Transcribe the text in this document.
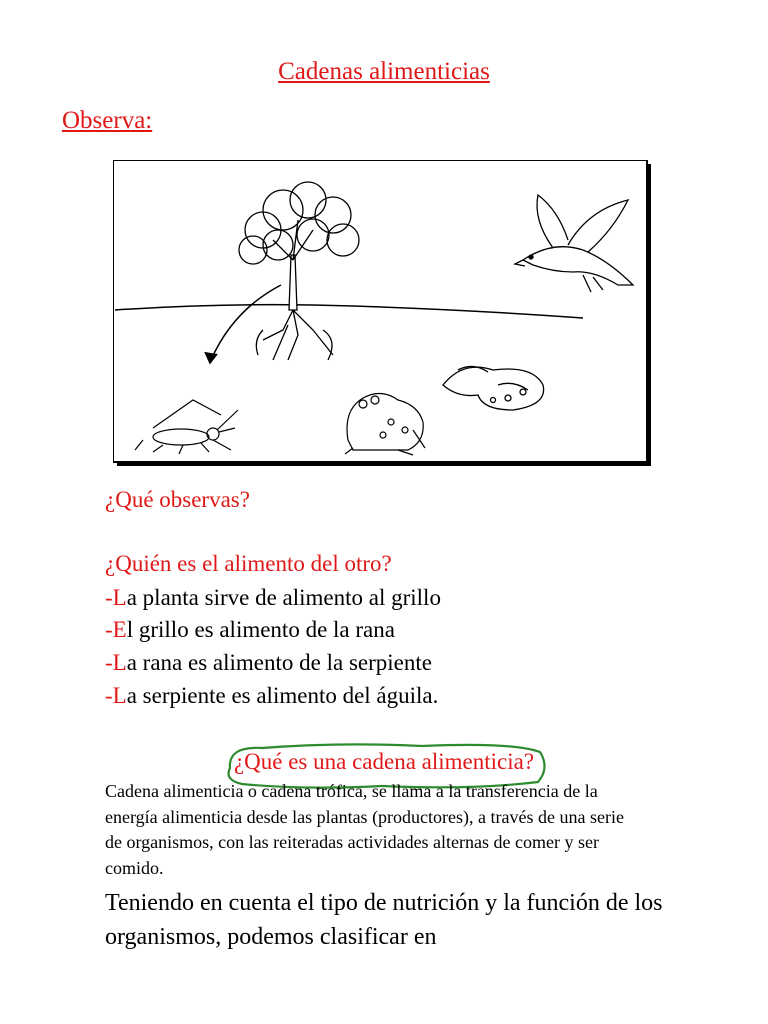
Cadenas alimenticias
Observa:
¿Qué observas?
¿Quién es el alimento del otro?
-La planta sirve de alimento al grillo
-El grillo es alimento de la rana
-La rana es alimento de la serpiente
-La serpiente es alimento del águila.
¿Qué es una cadena alimenticia?
Cadena alimenticia o cadena trófica, se llama a la transferencia de la energía alimenticia desde las plantas (productores), a través de una serie de organismos, con las reiteradas actividades alternas de comer y ser comido.
Teniendo en cuenta el tipo de nutrición y la función de los organismos, podemos clasificar en
